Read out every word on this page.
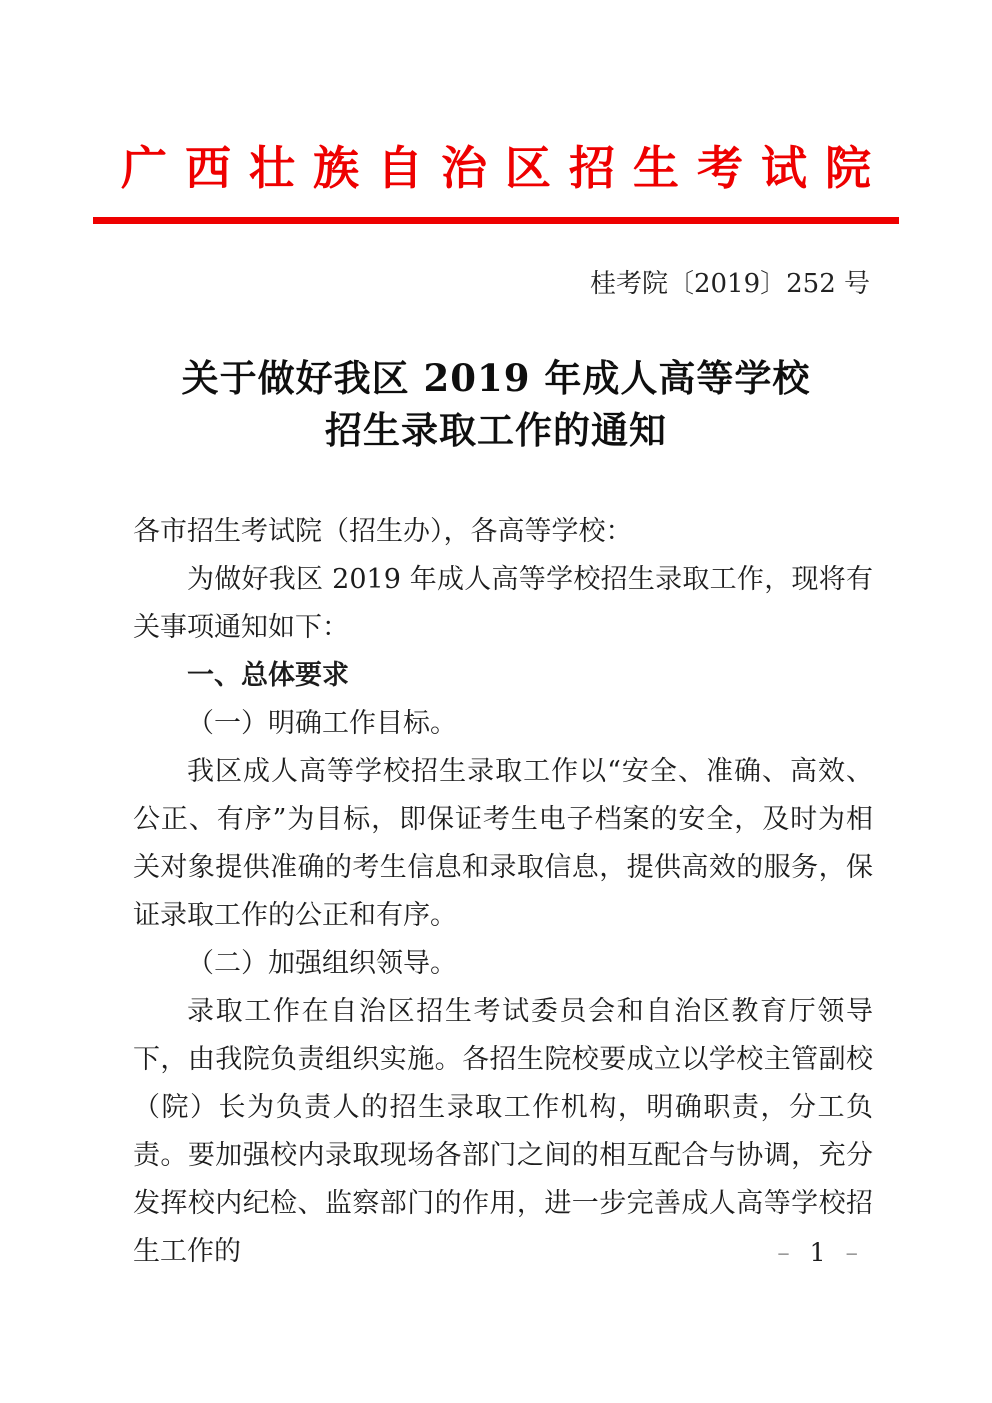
广西壮族自治区招生考试院
桂考院〔2019〕252 号
关于做好我区 2019 年成人高等学校
招生录取工作的通知

各市招生考试院（招生办），各高等学校：

为做好我区 2019 年成人高等学校招生录取工作，现将有关事项通知如下：

一、总体要求

（一）明确工作目标。

我区成人高等学校招生录取工作以“安全、准确、高效、公正、有序”为目标，即保证考生电子档案的安全，及时为相关对象提供准确的考生信息和录取信息，提供高效的服务，保证录取工作的公正和有序。

（二）加强组织领导。

录取工作在自治区招生考试委员会和自治区教育厅领导下，由我院负责组织实施。各招生院校要成立以学校主管副校（院）长为负责人的招生录取工作机构，明确职责，分工负责。要加强校内录取现场各部门之间的相互配合与协调，充分发挥校内纪检、监察部门的作用，进一步完善成人高等学校招生工作的	– 1 –
